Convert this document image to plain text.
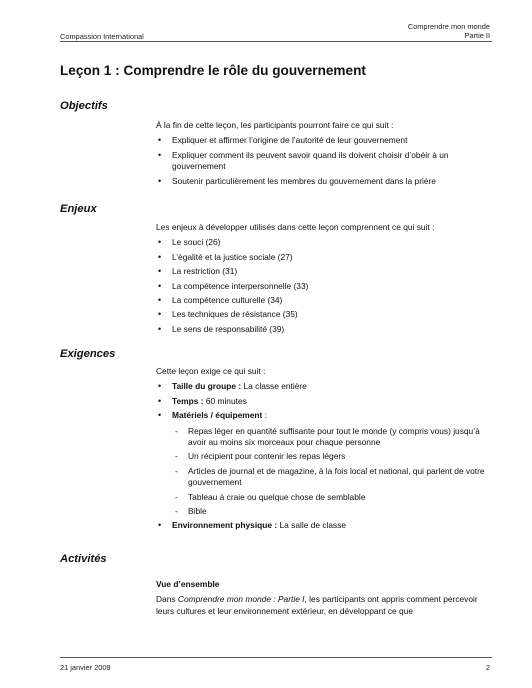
Comprendre mon monde
Partie II
Compassion International
Leçon 1 : Comprendre le rôle du gouvernement
Objectifs

À la fin de cette leçon, les participants pourront faire ce qui suit :

• Expliquer et affirmer l’origine de l’autorité de leur gouvernement
• Expliquer comment ils peuvent savoir quand ils doivent choisir d’obéir à un gouvernement
• Soutenir particulièrement les membres du gouvernement dans la prière
Enjeux

Les enjeux à développer utilisés dans cette leçon comprennent ce qui suit :

• Le souci (26)
• L’égalité et la justice sociale (27)
• La restriction (31)
• La compétence interpersonnelle (33)
• La compétence culturelle (34)
• Les techniques de résistance (35)
• Le sens de responsabilité (39)
Exigences

Cette leçon exige ce qui suit :

• Taille du groupe : La classe entière
• Temps : 60 minutes
• Matériels / équipement :
- Repas léger en quantité suffisante pour tout le monde (y compris vous) jusqu’à avoir au moins six morceaux pour chaque personne
- Un récipient pour contenir les repas légers
- Articles de journal et de magazine, à la fois local et national, qui parlent de votre gouvernement
- Tableau à craie ou quelque chose de semblable
- Bible
• Environnement physique : La salle de classe
Activités

Vue d’ensemble

Dans Comprendre mon monde : Partie I, les participants ont appris comment percevoir leurs cultures et leur environnement extérieur, en développant ce que

21 janvier 2009	2
